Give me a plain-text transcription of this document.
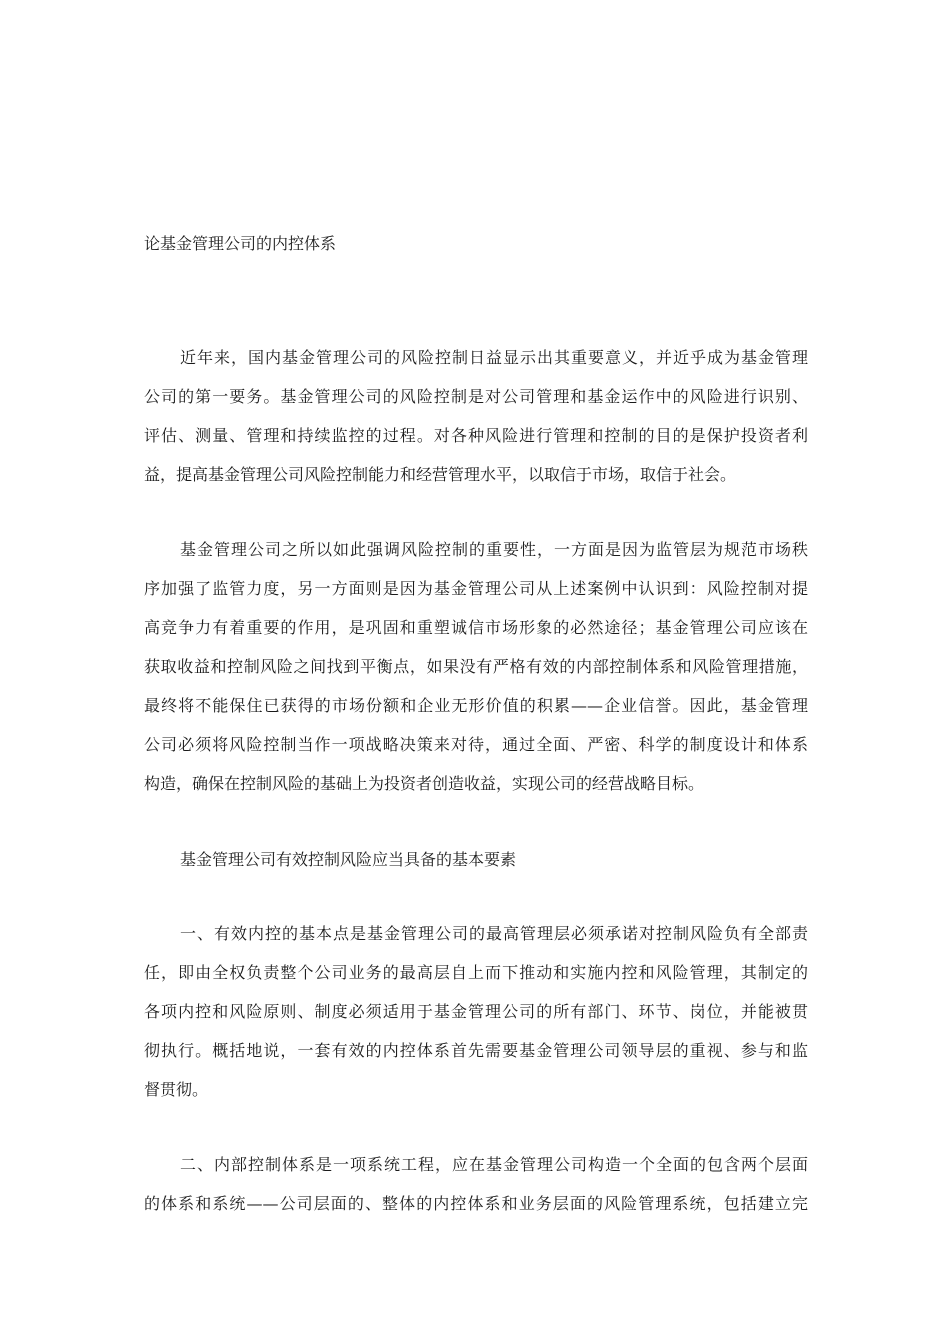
论基金管理公司的内控体系
近年来，国内基金管理公司的风险控制日益显示出其重要意义，并近乎成为基金管理
公司的第一要务。基金管理公司的风险控制是对公司管理和基金运作中的风险进行识别、
评估、测量、管理和持续监控的过程。对各种风险进行管理和控制的目的是保护投资者利
益，提高基金管理公司风险控制能力和经营管理水平，以取信于市场，取信于社会。
基金管理公司之所以如此强调风险控制的重要性，一方面是因为监管层为规范市场秩
序加强了监管力度，另一方面则是因为基金管理公司从上述案例中认识到：风险控制对提
高竞争力有着重要的作用，是巩固和重塑诚信市场形象的必然途径；基金管理公司应该在
获取收益和控制风险之间找到平衡点，如果没有严格有效的内部控制体系和风险管理措施，
最终将不能保住已获得的市场份额和企业无形价值的积累——企业信誉。因此，基金管理
公司必须将风险控制当作一项战略决策来对待，通过全面、严密、科学的制度设计和体系
构造，确保在控制风险的基础上为投资者创造收益，实现公司的经营战略目标。
基金管理公司有效控制风险应当具备的基本要素
一、有效内控的基本点是基金管理公司的最高管理层必须承诺对控制风险负有全部责
任，即由全权负责整个公司业务的最高层自上而下推动和实施内控和风险管理，其制定的
各项内控和风险原则、制度必须适用于基金管理公司的所有部门、环节、岗位，并能被贯
彻执行。概括地说，一套有效的内控体系首先需要基金管理公司领导层的重视、参与和监
督贯彻。
二、内部控制体系是一项系统工程，应在基金管理公司构造一个全面的包含两个层面
的体系和系统——公司层面的、整体的内控体系和业务层面的风险管理系统，包括建立完
